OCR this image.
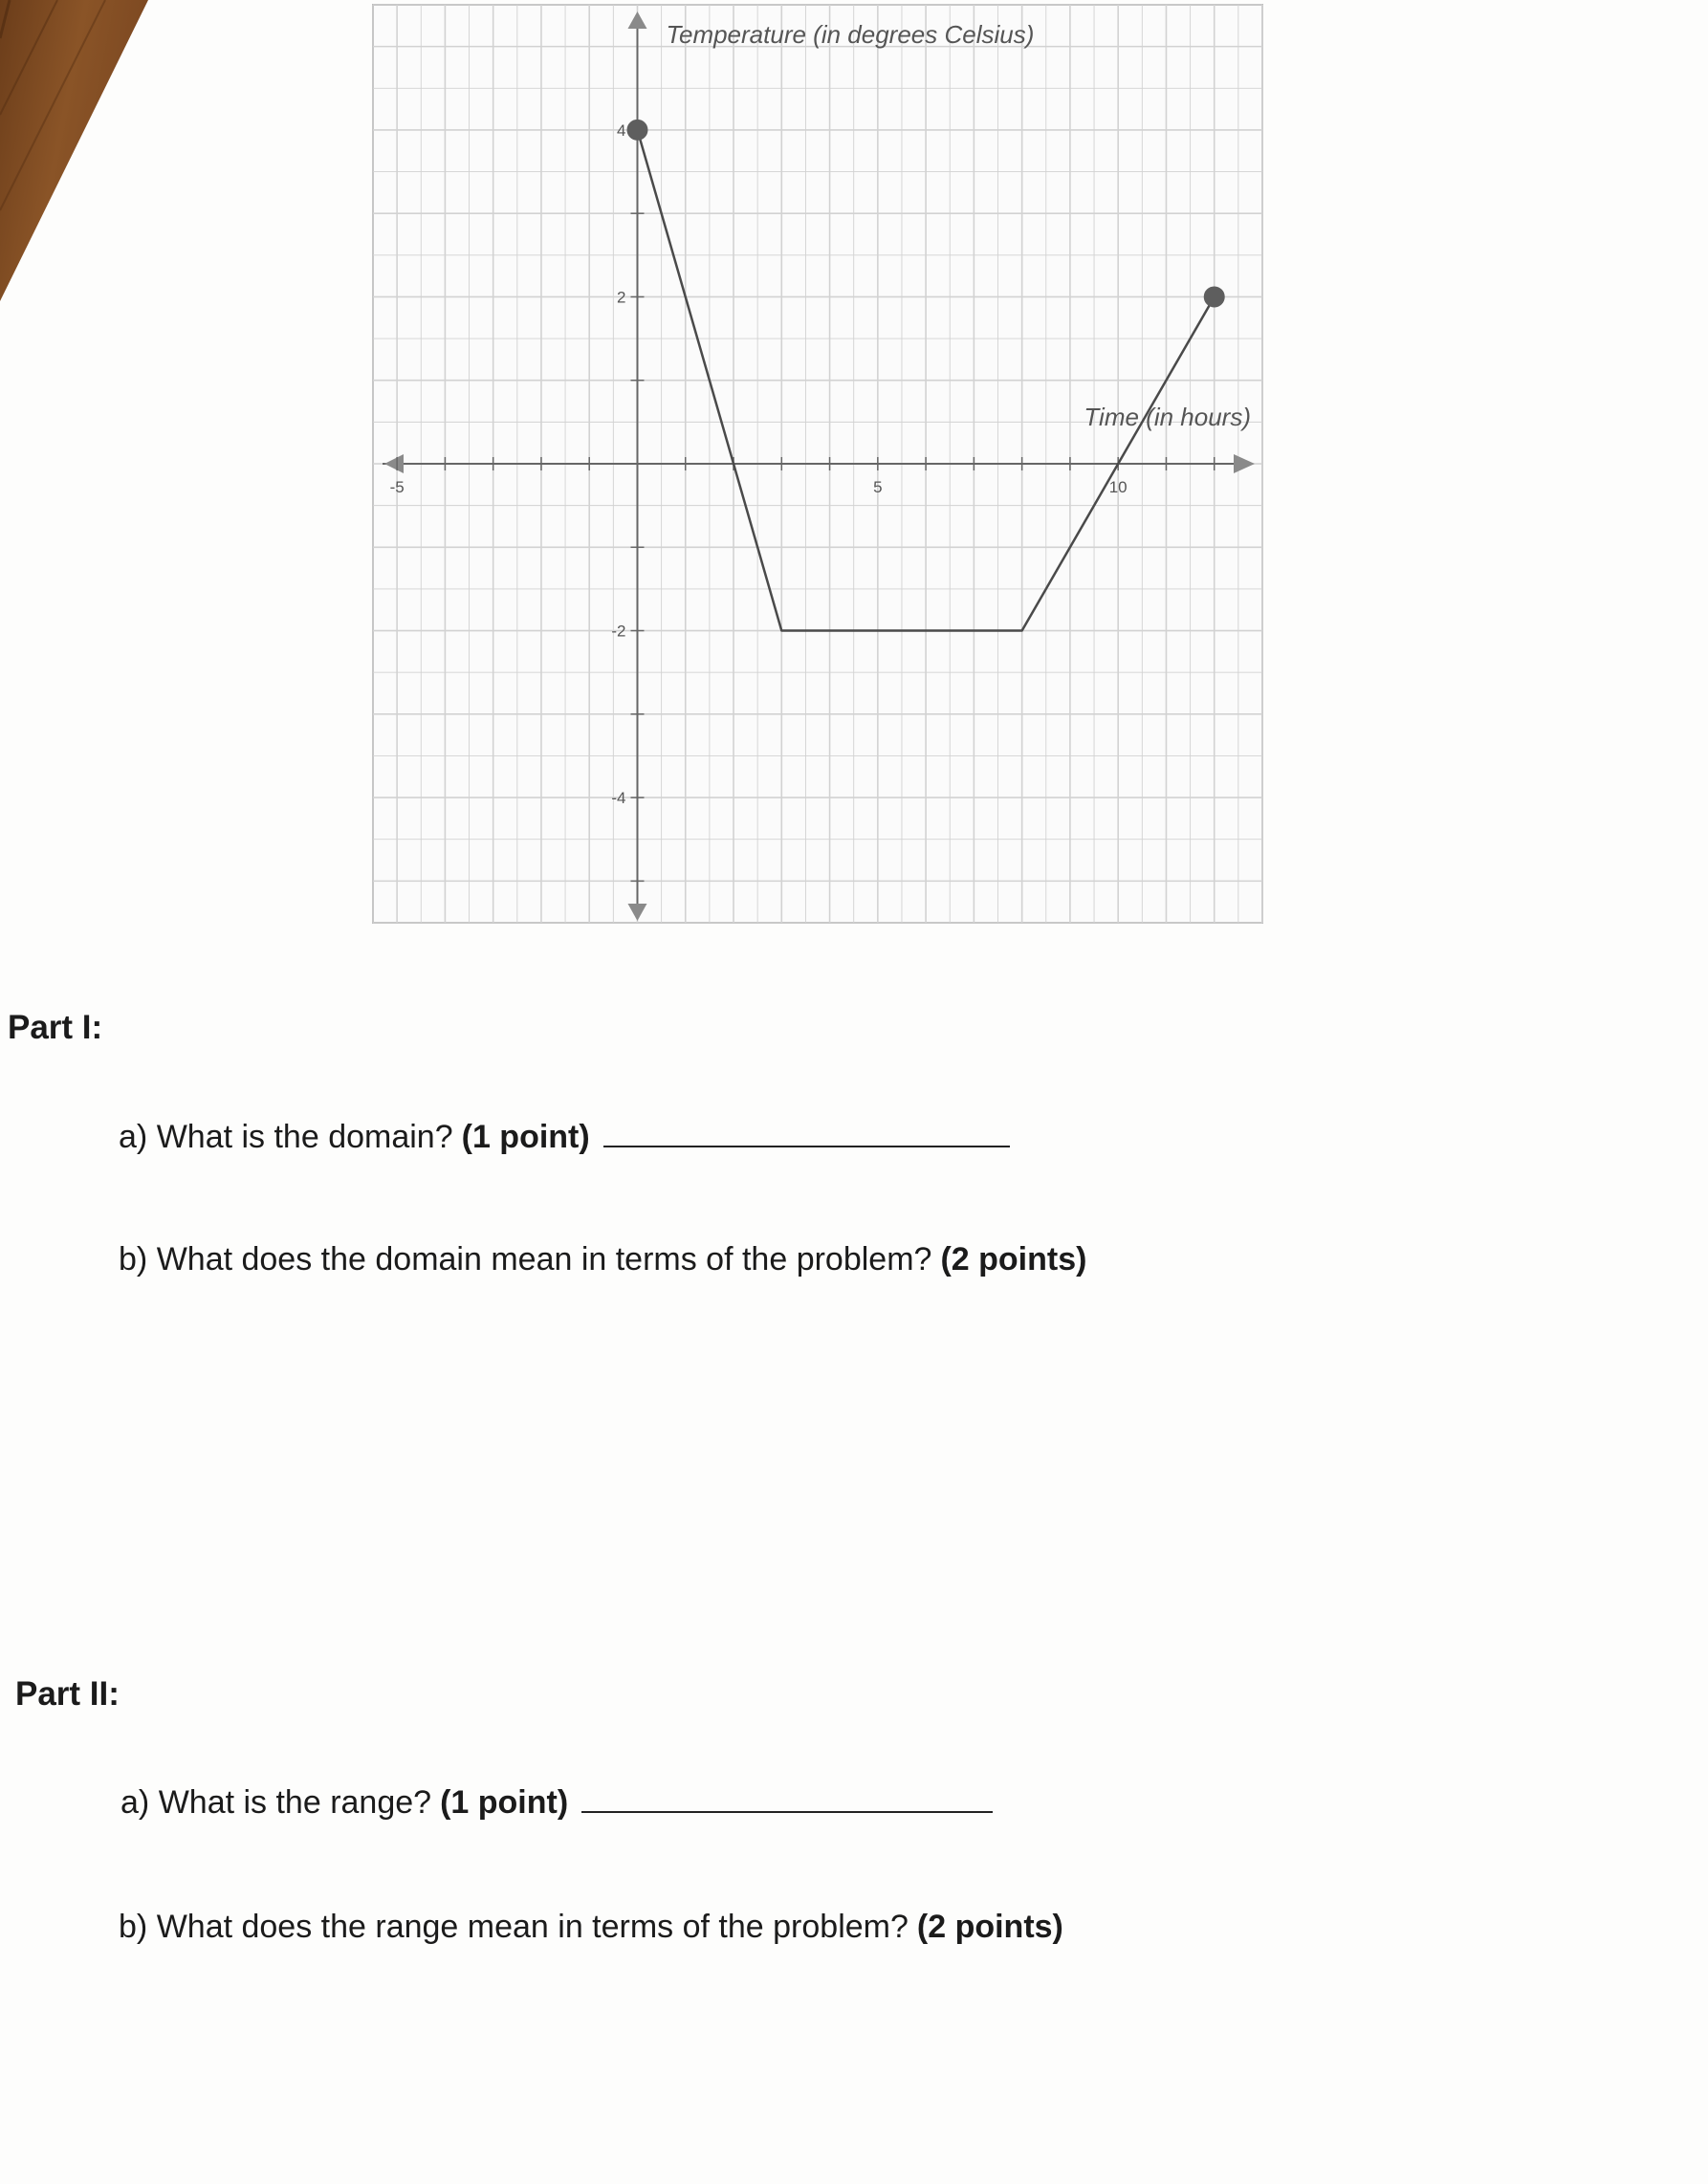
-5	5	10
4
2
-2
-4
Temperature (in degrees Celsius)
Time (in hours)
Part I:
a)
What is the domain? (1 point)
b)
What does the domain mean in terms of the problem? (2 points)
Part II:
a)
What is the range? (1 point)
b)
What does the range mean in terms of the problem? (2 points)
